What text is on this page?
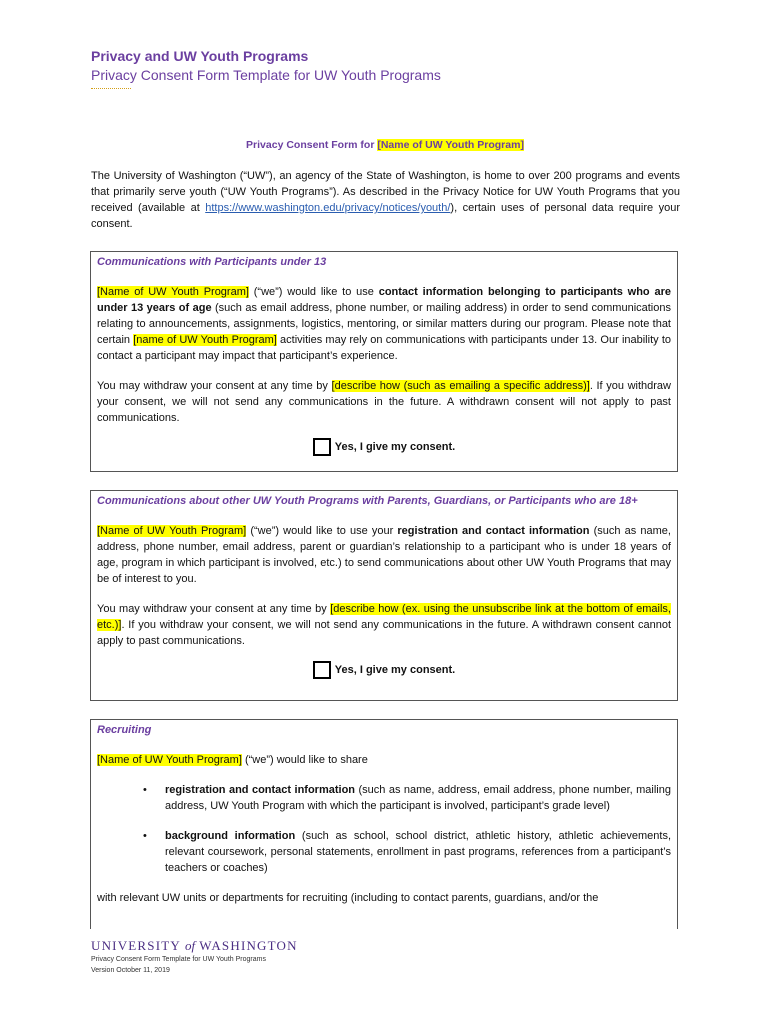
Privacy and UW Youth Programs
Privacy Consent Form Template for UW Youth Programs
Privacy Consent Form for [Name of UW Youth Program]
The University of Washington (“UW”), an agency of the State of Washington, is home to over 200 programs and events that primarily serve youth (“UW Youth Programs”). As described in the Privacy Notice for UW Youth Programs that you received (available at https://www.washington.edu/privacy/notices/youth/), certain uses of personal data require your consent.
Communications with Participants under 13
[Name of UW Youth Program] (“we”) would like to use contact information belonging to participants who are under 13 years of age (such as email address, phone number, or mailing address) in order to send communications relating to announcements, assignments, logistics, mentoring, or similar matters during our program. Please note that certain [name of UW Youth Program] activities may rely on communications with participants under 13. Our inability to contact a participant may impact that participant’s experience.
You may withdraw your consent at any time by [describe how (such as emailing a specific address)]. If you withdraw your consent, we will not send any communications in the future. A withdrawn consent will not apply to past communications.
Yes, I give my consent.
Communications about other UW Youth Programs with Parents, Guardians, or Participants who are 18+
[Name of UW Youth Program] (“we”) would like to use your registration and contact information (such as name, address, phone number, email address, parent or guardian’s relationship to a participant who is under 18 years of age, program in which participant is involved, etc.) to send communications about other UW Youth Programs that may be of interest to you.
You may withdraw your consent at any time by [describe how (ex. using the unsubscribe link at the bottom of emails, etc.)]. If you withdraw your consent, we will not send any communications in the future. A withdrawn consent cannot apply to past communications.
Yes, I give my consent.
Recruiting
[Name of UW Youth Program] (“we”) would like to share
• registration and contact information (such as name, address, email address, phone number, mailing address, UW Youth Program with which the participant is involved, participant’s grade level)
• background information (such as school, school district, athletic history, athletic achievements, relevant coursework, personal statements, enrollment in past programs, references from a participant’s teachers or coaches)
with relevant UW units or departments for recruiting (including to contact parents, guardians, and/or the
UNIVERSITY of WASHINGTON
Privacy Consent Form Template for UW Youth Programs
Version October 11, 2019
